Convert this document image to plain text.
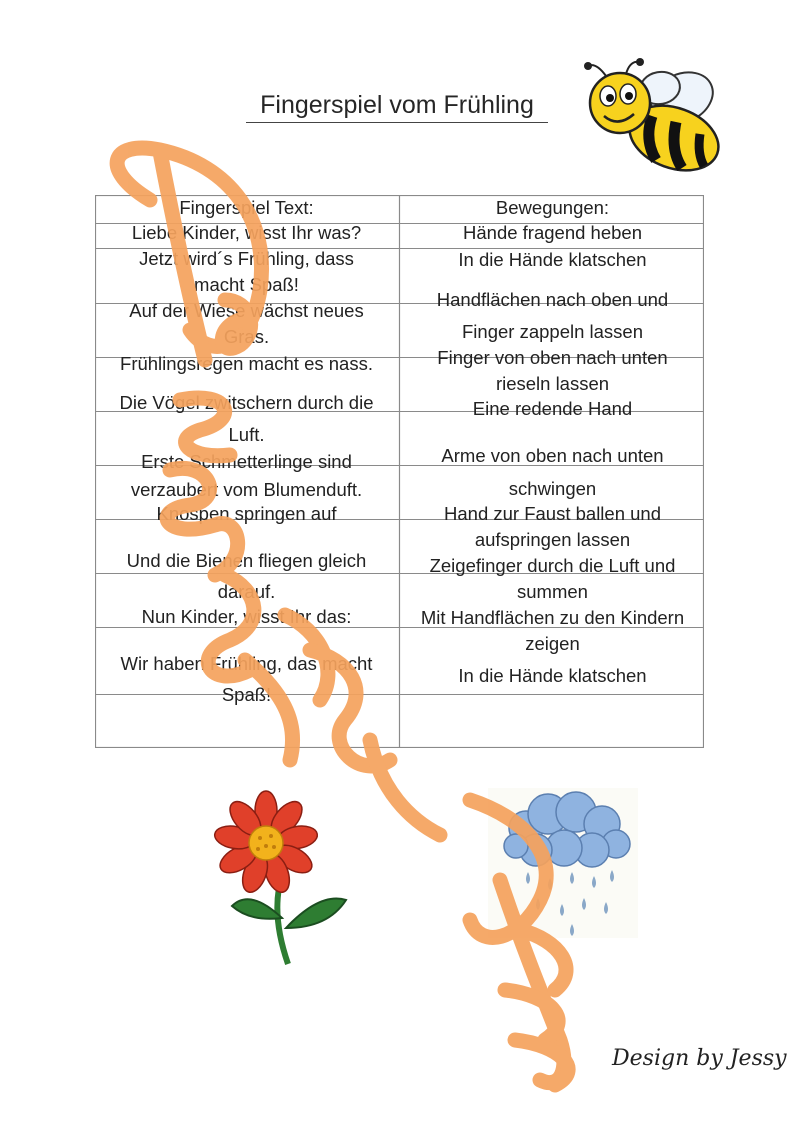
Fingerspiel vom Frühling
Fingerspiel Text:	Bewegungen:
Liebe Kinder, wisst Ihr was?
Jetzt wird´s Frühling, dass
macht Spaß!
Auf der Wiese wächst neues
Gras.
Frühlingsregen macht es nass.
Die Vögel zwitschern durch die
Luft.
Erste Schmetterlinge sind
verzaubert vom Blumenduft.
Knospen springen auf
Und die Bienen fliegen gleich
darauf.
Nun Kinder, wisst Ihr das:
Wir haben Frühling, das macht
Spaß!
Hände fragend heben
In die Hände klatschen
Handflächen nach oben und
Finger zappeln lassen
Finger von oben nach unten
rieseln lassen
Eine redende Hand
Arme von oben nach unten
schwingen
Hand zur Faust ballen und
aufspringen lassen
Zeigefinger durch die Luft und
summen
Mit Handflächen zu den Kindern
zeigen
In die Hände klatschen
Design by Jessy
